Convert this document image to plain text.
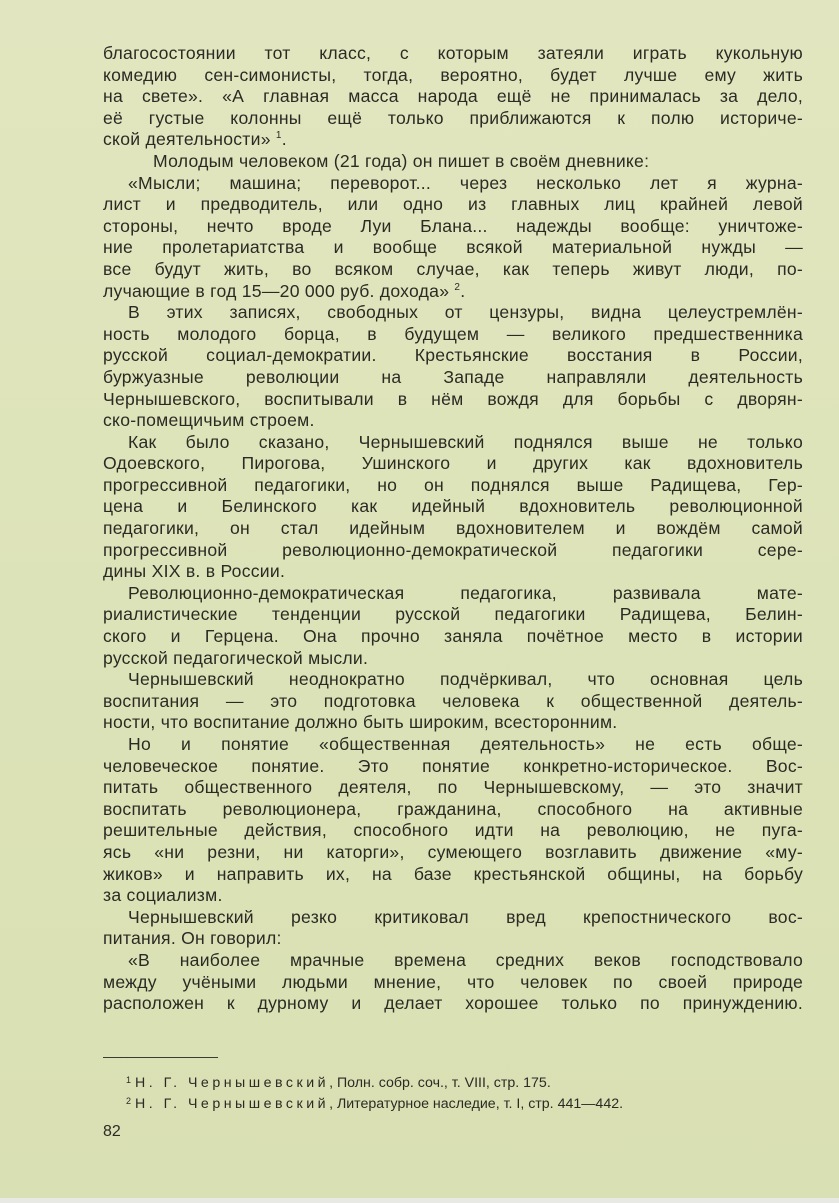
благосостоянии тот класс, с которым затеяли играть кукольную
комедию сен-симонисты, тогда, вероятно, будет лучше ему жить
на свете». «А главная масса народа ещё не принималась за дело,
её густые колонны ещё только приближаются к полю историче-
ской деятельности» $^1$.
Молодым человеком (21 года) он пишет в своём дневнике:
«Мысли; машина; переворот... через несколько лет я журна-
лист и предводитель, или одно из главных лиц крайней левой
стороны, нечто вроде Луи Блана... надежды вообще: уничтоже-
ние пролетариатства и вообще всякой материальной нужды —
все будут жить, во всяком случае, как теперь живут люди, по-
лучающие в год 15—20 000 руб. дохода» $^2$.
В этих записях, свободных от цензуры, видна целеустремлён-
ность молодого борца, в будущем — великого предшественника
русской социал-демократии. Крестьянские восстания в России,
буржуазные революции на Западе направляли деятельность
Чернышевского, воспитывали в нём вождя для борьбы с дворян-
ско-помещичьим строем.
Как было сказано, Чернышевский поднялся выше не только
Одоевского, Пирогова, Ушинского и других как вдохновитель
прогрессивной педагогики, но он поднялся выше Радищева, Гер-
цена и Белинского как идейный вдохновитель революционной
педагогики, он стал идейным вдохновителем и вождём самой
прогрессивной революционно-демократической педагогики сере-
дины XIX в. в России.
Революционно-демократическая педагогика, развивала мате-
риалистические тенденции русской педагогики Радищева, Белин-
ского и Герцена. Она прочно заняла почётное место в истории
русской педагогической мысли.
Чернышевский неоднократно подчёркивал, что основная цель
воспитания — это подготовка человека к общественной деятель-
ности, что воспитание должно быть широким, всесторонним.
Но и понятие «общественная деятельность» не есть обще-
человеческое понятие. Это понятие конкретно-историческое. Вос-
питать общественного деятеля, по Чернышевскому, — это значит
воспитать революционера, гражданина, способного на активные
решительные действия, способного идти на революцию, не пуга-
ясь «ни резни, ни каторги», сумеющего возглавить движение «му-
жиков» и направить их, на базе крестьянской общины, на борьбу
за социализм.
Чернышевский резко критиковал вред крепостнического вос-
питания. Он говорил:
«В наиболее мрачные времена средних веков господствовало
между учёными людьми мнение, что человек по своей природе
расположен к дурному и делает хорошее только по принуждению.
$^1$ Н. Г. Чернышевский, Полн. собр. соч., т. VIII, стр. 175.
$^2$ Н. Г. Чернышевский, Литературное наследие, т. I, стр. 441—442.
82
